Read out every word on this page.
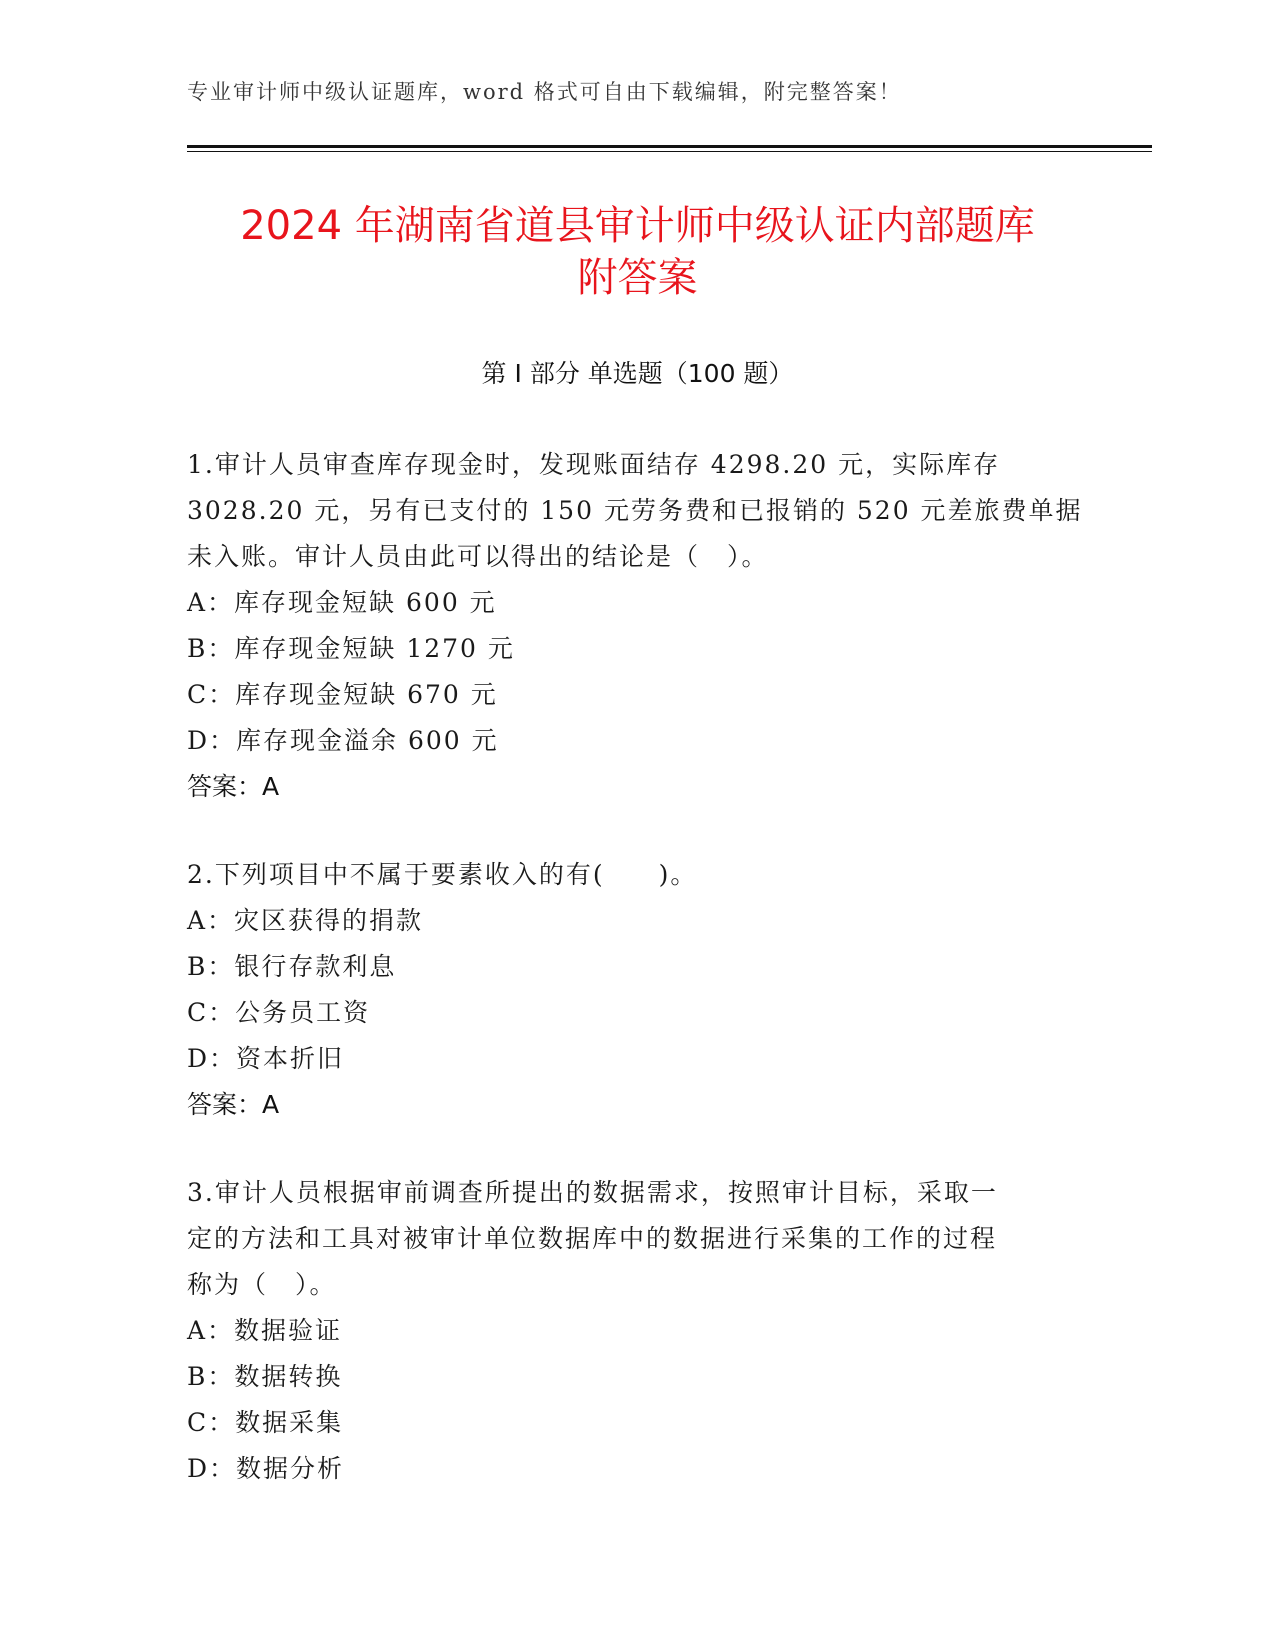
专业审计师中级认证题库，word 格式可自由下载编辑，附完整答案！
2024 年湖南省道县审计师中级认证内部题库
附答案
第 I 部分 单选题（100 题）
1.审计人员审查库存现金时，发现账面结存 4298.20 元，实际库存
3028.20 元，另有已支付的 150 元劳务费和已报销的 520 元差旅费单据
未入账。审计人员由此可以得出的结论是（　）。
A：库存现金短缺 600 元
B：库存现金短缺 1270 元
C：库存现金短缺 670 元
D：库存现金溢余 600 元
答案：A
2.下列项目中不属于要素收入的有(　　)。
A：灾区获得的捐款
B：银行存款利息
C：公务员工资
D：资本折旧
答案：A
3.审计人员根据审前调查所提出的数据需求，按照审计目标，采取一
定的方法和工具对被审计单位数据库中的数据进行采集的工作的过程
称为（　）。
A：数据验证
B：数据转换
C：数据采集
D：数据分析
